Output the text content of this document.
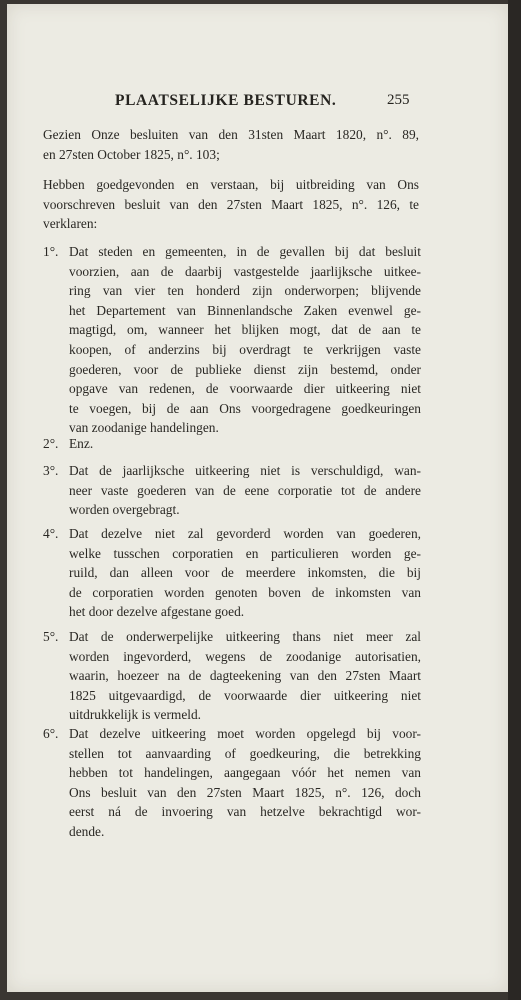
PLAATSELIJKE BESTUREN.	255
Gezien Onze besluiten van den 31sten Maart 1820, n°. 89,
en 27sten October 1825, n°. 103;
Hebben goedgevonden en verstaan, bij uitbreiding van Ons
voorschreven besluit van den 27sten Maart 1825, n°. 126, te
verklaren:
1°. Dat steden en gemeenten, in de gevallen bij dat besluit
voorzien, aan de daarbij vastgestelde jaarlijksche uitkee-
ring van vier ten honderd zijn onderworpen; blijvende
het Departement van Binnenlandsche Zaken evenwel ge-
magtigd, om, wanneer het blijken mogt, dat de aan te
koopen, of anderzins bij overdragt te verkrijgen vaste
goederen, voor de publieke dienst zijn bestemd, onder
opgave van redenen, de voorwaarde dier uitkeering niet
te voegen, bij de aan Ons voorgedragene goedkeuringen
van zoodanige handelingen.
2°. Enz.
3°. Dat de jaarlijksche uitkeering niet is verschuldigd, wan-
neer vaste goederen van de eene corporatie tot de andere
worden overgebragt.
4°. Dat dezelve niet zal gevorderd worden van goederen,
welke tusschen corporatien en particulieren worden ge-
ruild, dan alleen voor de meerdere inkomsten, die bij
de corporatien worden genoten boven de inkomsten van
het door dezelve afgestane goed.
5°. Dat de onderwerpelijke uitkeering thans niet meer zal
worden ingevorderd, wegens de zoodanige autorisatien,
waarin, hoezeer na de dagteekening van den 27sten Maart
1825 uitgevaardigd, de voorwaarde dier uitkeering niet
uitdrukkelijk is vermeld.
6°. Dat dezelve uitkeering moet worden opgelegd bij voor-
stellen tot aanvaarding of goedkeuring, die betrekking
hebben tot handelingen, aangegaan vóór het nemen van
Ons besluit van den 27sten Maart 1825, n°. 126, doch
eerst ná de invoering van hetzelve bekrachtigd wor-
dende.
